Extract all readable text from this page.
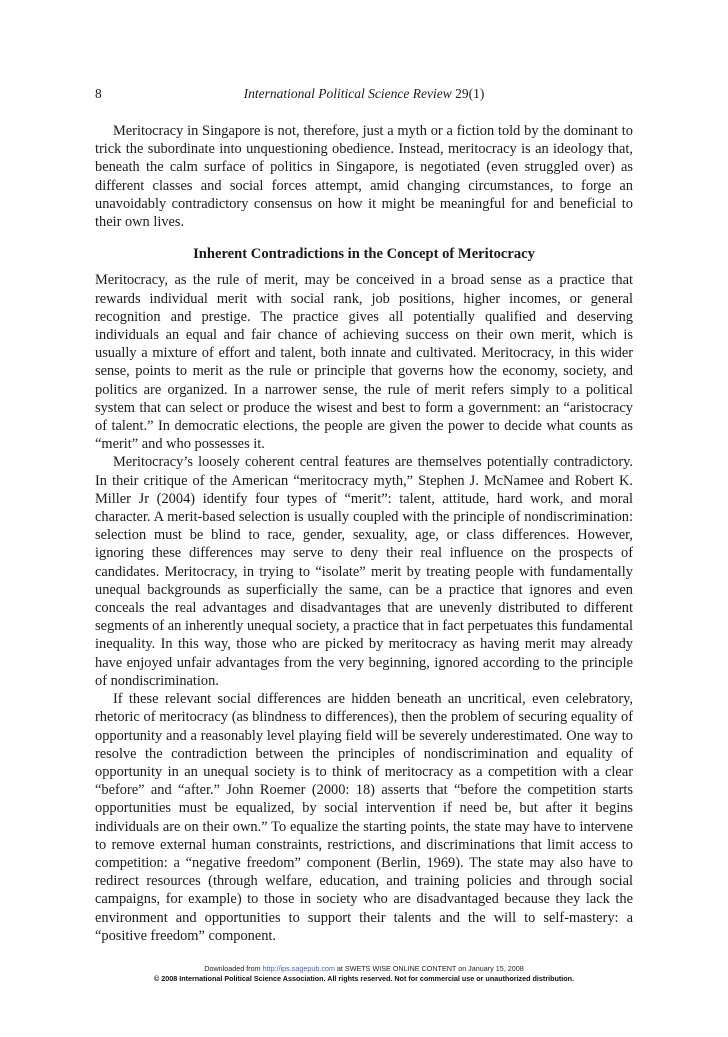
8	International Political Science Review 29(1)

Meritocracy in Singapore is not, therefore, just a myth or a fiction told by the dominant to trick the subordinate into unquestioning obedience. Instead, meritocracy is an ideology that, beneath the calm surface of politics in Singapore, is negotiated (even struggled over) as different classes and social forces attempt, amid changing circumstances, to forge an unavoidably contradictory consensus on how it might be meaningful for and beneficial to their own lives.

Inherent Contradictions in the Concept of Meritocracy

Meritocracy, as the rule of merit, may be conceived in a broad sense as a practice that rewards individual merit with social rank, job positions, higher incomes, or general recognition and prestige. The practice gives all potentially qualified and deserving individuals an equal and fair chance of achieving success on their own merit, which is usually a mixture of effort and talent, both innate and cultivated. Meritocracy, in this wider sense, points to merit as the rule or principle that governs how the economy, society, and politics are organized. In a narrower sense, the rule of merit refers simply to a political system that can select or produce the wisest and best to form a government: an “aristocracy of talent.” In democratic elections, the people are given the power to decide what counts as “merit” and who possesses it.

Meritocracy’s loosely coherent central features are themselves potentially contradictory. In their critique of the American “meritocracy myth,” Stephen J. McNamee and Robert K. Miller Jr (2004) identify four types of “merit”: talent, attitude, hard work, and moral character. A merit-based selection is usually coupled with the principle of nondiscrimination: selection must be blind to race, gender, sexuality, age, or class differences. However, ignoring these differences may serve to deny their real influence on the prospects of candidates. Meritocracy, in trying to “isolate” merit by treating people with fundamentally unequal backgrounds as superficially the same, can be a practice that ignores and even conceals the real advantages and disadvantages that are unevenly distributed to different segments of an inherently unequal society, a practice that in fact perpetuates this fundamental inequality. In this way, those who are picked by meritocracy as having merit may already have enjoyed unfair advantages from the very beginning, ignored according to the principle of nondiscrimination.

If these relevant social differences are hidden beneath an uncritical, even celebratory, rhetoric of meritocracy (as blindness to differences), then the problem of securing equality of opportunity and a reasonably level playing field will be severely underestimated. One way to resolve the contradiction between the principles of nondiscrimination and equality of opportunity in an unequal society is to think of meritocracy as a competition with a clear “before” and “after.” John Roemer (2000: 18) asserts that “before the competition starts opportunities must be equalized, by social intervention if need be, but after it begins individuals are on their own.” To equalize the starting points, the state may have to intervene to remove external human constraints, restrictions, and discriminations that limit access to competition: a “negative freedom” component (Berlin, 1969). The state may also have to redirect resources (through welfare, education, and training policies and through social campaigns, for example) to those in society who are disadvantaged because they lack the environment and opportunities to support their talents and the will to self-mastery: a “positive freedom” component.

Downloaded from http://ips.sagepub.com at SWETS WISE ONLINE CONTENT on January 15, 2008
© 2008 International Political Science Association. All rights reserved. Not for commercial use or unauthorized distribution.
